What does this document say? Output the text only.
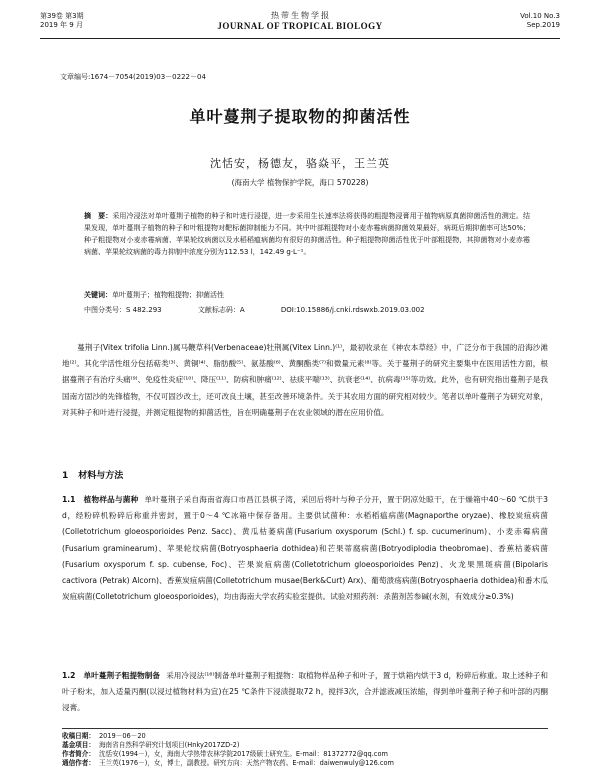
第39卷 第3期
2019 年 9 月
热 带 生 物 学 报
JOURNAL OF TROPICAL BIOLOGY
Vol.10 No.3
Sep.2019
文章编号:1674－7054(2019)03－0222－04
单叶蔓荆子提取物的抑菌活性
沈恬安，杨德友，骆焱平，王兰英
(海南大学 植物保护学院，海口 570228)
摘　要：采用冷浸法对单叶蔓荆子植物的种子和叶进行浸提，进一步采用生长速率法将获得的粗提物浸膏用于植物病原真菌抑菌活性的测定。结果发现，单叶蔓荆子植物的种子和叶粗提物对靶标菌抑制能力不同。其中叶部粗提物对小麦赤霉病菌抑菌效果最好，病斑后期抑菌率可达50%；种子粗提物对小麦赤霉病菌、苹果轮纹病菌以及水稻稻瘟病菌均有很好的抑菌活性。种子粗提物抑菌活性优于叶部粗提物，其抑菌物对小麦赤霉病菌、苹果轮纹病菌的毒力抑制中浓度分别为112.53 l，142.49 g·L⁻¹。
关键词：单叶蔓荆子；植物粗提物；抑菌活性
中图分类号：S 482.293	文献标志码：A	DOI:10.15886/j.cnki.rdswxb.2019.03.002
蔓荆子(Vitex trifolia Linn.)属马鞭草科(Verbenaceae)牡荆属(Vitex Linn.)⁽¹⁾，最初收录在《神农本草经》中，广泛分布于我国的沿海沙滩地⁽²⁾。其化学活性组分包括萜类⁽³⁾、黄铜⁽⁴⁾、脂肪酸⁽⁵⁾、氨基酸⁽⁶⁾、黄酮酯类⁽⁷⁾和微量元素⁽⁸⁾等。关于蔓荆子的研究主要集中在医用活性方面，根据蔓荆子有治疗头痛⁽⁹⁾、免疫性炎症⁽¹⁰⁾、降压⁽¹¹⁾、防病和肿痛⁽¹²⁾、祛痰平喘⁽¹³⁾、抗衰老⁽¹⁴⁾、抗病毒⁽¹⁵⁾等功效。此外，也有研究指出蔓荆子是我国南方固沙的先锋植物，不仅可固沙改土，还可改良土壤，甚至改善环境条件。关于其农用方面的研究相对较少。笔者以单叶蔓荆子为研究对象，对其种子和叶进行浸提，并测定粗提物的抑菌活性，旨在明确蔓荆子在农业领域的潜在应用价值。
1 材料与方法
1.1 植物样品与菌种 单叶蔓荆子采自海南省海口市昌江县棋子湾，采回后将叶与种子分开，置于阴凉处晾干，在于燥箱中40～60 ℃烘干3 d，经粉碎机粉碎后称重并密封，置于0～4 ℃冰箱中保存备用。主要供试菌种：水稻稻瘟病菌(Magnaporthe oryzae)、橡胶炭疽病菌(Colletotrichum gloeosporioides Penz. Sacc)、黄瓜枯萎病菌(Fusarium oxysporum (Schl.) f. sp. cucumerinum)、小麦赤霉病菌(Fusarium graminearum)、苹果轮纹病菌(Botryosphaeria dothidea)和芒果蒂腐病菌(Botryodiplodia theobromae)、香蕉枯萎病菌(Fusarium oxysporum f. sp. cubense, Foc)、芒果炭疽病菌(Colletotrichum gloeosporioides Penz)、火龙果黑斑病菌(Bipolaris cactivora (Petrak) Alcorn)、香蕉炭疽病菌(Colletotrichum musae(Berk&Curt) Arx)、葡萄溃疡病菌(Botryosphaeria dothidea)和番木瓜炭疽病菌(Colletotrichum gloeosporioides)，均由海南大学农药实验室提供。试验对照药剂：杀菌剂苦参碱(水剂，有效成分≥0.3%)
1.2 单叶蔓荆子粗提物制备 采用冷浸法⁽¹⁶⁾制备单叶蔓荆子粗提物：取植物样品种子和叶子，置于烘箱内烘干3 d，粉碎后称重。取上述种子和叶子粉末，加入适量丙酮(以浸过植物材料为宜)在25 ℃条件下浸渍提取72 h，搅拌3次，合并滤液减压浓缩，得到单叶蔓荆子种子和叶部的丙酮浸膏。
收稿日期： 2019－06－20
基金项目： 海南省自然科学研究计划项目(Hnky2017ZD-2)
作者简介： 沈恬安(1994－)，女，海南大学热带农林学院2017级硕士研究生。E-mail：81372772@qq.com
通信作者： 王兰英(1976－)，女，博士，副教授。研究方向：天然产物农药。E-mail：daiwenwuly@126.com
